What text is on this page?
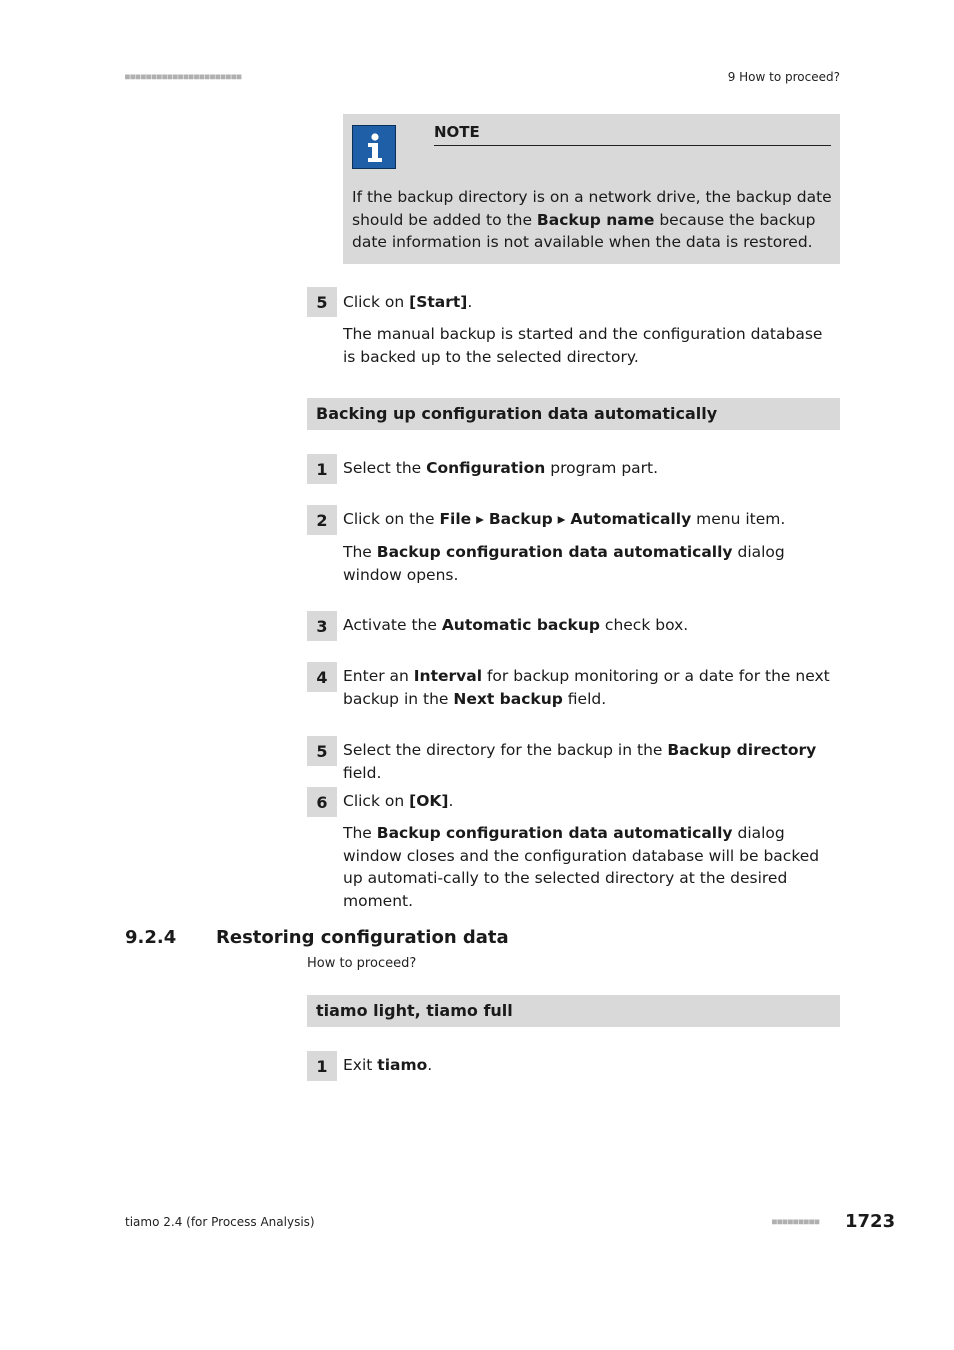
■■■■■■■■■■■■■■■■■■■■■■	9 How to proceed?
NOTE
If the backup directory is on a network drive, the backup date should be added to the Backup name because the backup date information is not available when the data is restored.
5 Click on [Start].
The manual backup is started and the configuration database is backed up to the selected directory.
Backing up configuration data automatically
1 Select the Configuration program part.
2 Click on the File ▸ Backup ▸ Automatically menu item.
The Backup configuration data automatically dialog window opens.
3 Activate the Automatic backup check box.
4 Enter an Interval for backup monitoring or a date for the next backup in the Next backup field.
5 Select the directory for the backup in the Backup directory field.
6 Click on [OK].
The Backup configuration data automatically dialog window closes and the configuration database will be backed up automati-cally to the selected directory at the desired moment.
9.2.4 Restoring configuration data
How to proceed?
tiamo light, tiamo full
1 Exit tiamo.
tiamo 2.4 (for Process Analysis)	■■■■■■■■■ 1723
